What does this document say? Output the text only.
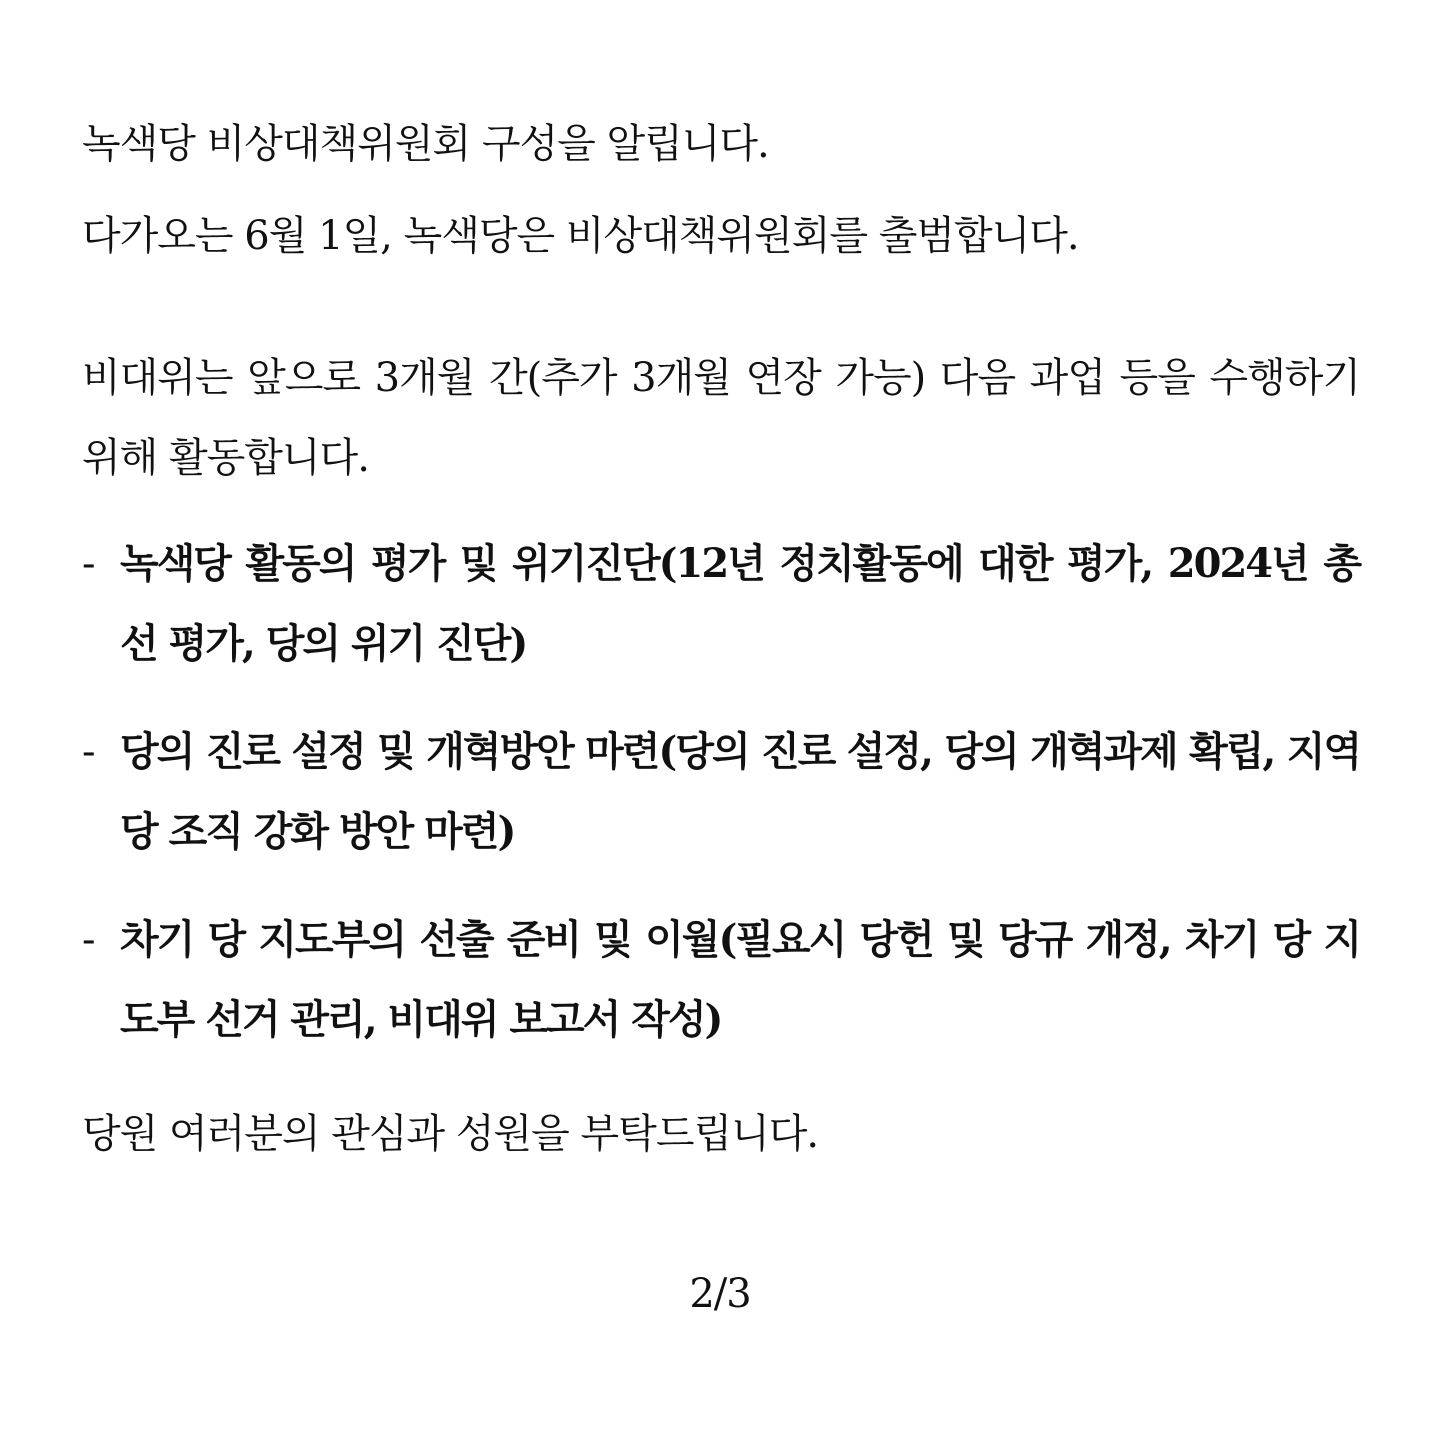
녹색당 비상대책위원회 구성을 알립니다.
다가오는 6월 1일, 녹색당은 비상대책위원회를 출범합니다.
비대위는 앞으로 3개월 간(추가 3개월 연장 가능) 다음 과업 등을 수행하기 위해 활동합니다.
- 녹색당 활동의 평가 및 위기진단(12년 정치활동에 대한 평가, 2024년 총선 평가, 당의 위기 진단)
- 당의 진로 설정 및 개혁방안 마련(당의 진로 설정, 당의 개혁과제 확립, 지역당 조직 강화 방안 마련)
- 차기 당 지도부의 선출 준비 및 이월(필요시 당헌 및 당규 개정, 차기 당 지도부 선거 관리, 비대위 보고서 작성)
당원 여러분의 관심과 성원을 부탁드립니다.
2/3
